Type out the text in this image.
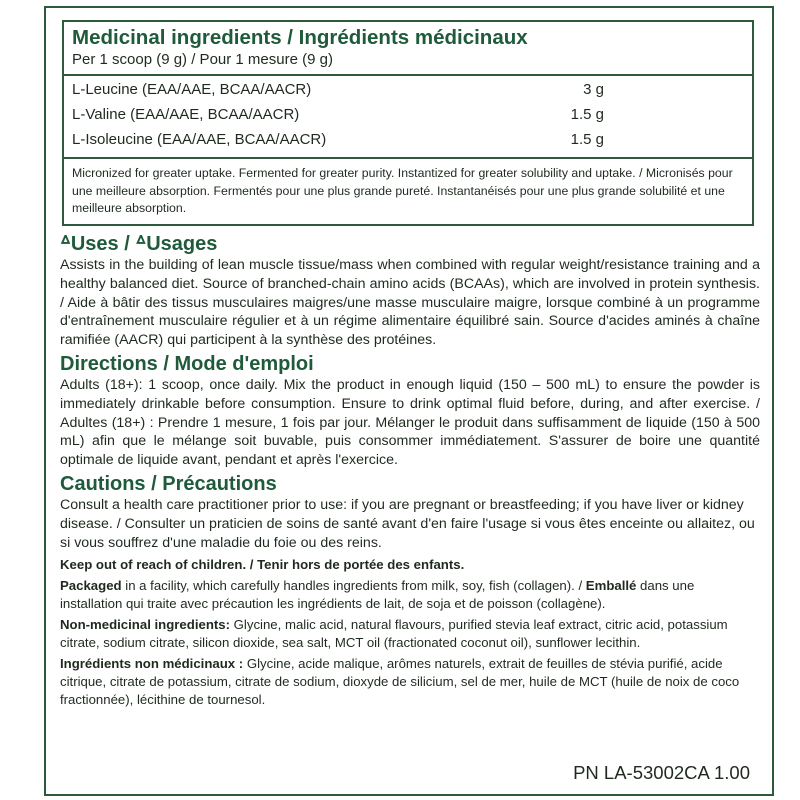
Medicinal ingredients / Ingrédients médicinaux
Per 1 scoop (9 g) / Pour 1 mesure (9 g)
L-Leucine (EAA/AAE, BCAA/AACR)	3 g
L-Valine (EAA/AAE, BCAA/AACR)	1.5 g
L-Isoleucine (EAA/AAE, BCAA/AACR)	1.5 g
Micronized for greater uptake. Fermented for greater purity. Instantized for greater solubility and uptake. / Micronisés pour une meilleure absorption. Fermentés pour une plus grande pureté. Instantanéisés pour une plus grande solubilité et une meilleure absorption.
ᐞUses / ᐞUsages

Assists in the building of lean muscle tissue/mass when combined with regular weight/resistance training and a healthy balanced diet. Source of branched-chain amino acids (BCAAs), which are involved in protein synthesis. / Aide à bâtir des tissus musculaires maigres/une masse musculaire maigre, lorsque combiné à un programme d'entraînement musculaire régulier et à un régime alimentaire équilibré sain. Source d'acides aminés à chaîne ramifiée (AACR) qui participent à la synthèse des protéines.

Directions / Mode d'emploi

Adults (18+): 1 scoop, once daily. Mix the product in enough liquid (150 – 500 mL) to ensure the powder is immediately drinkable before consumption. Ensure to drink optimal fluid before, during, and after exercise. / Adultes (18+) : Prendre 1 mesure, 1 fois par jour. Mélanger le produit dans suffisamment de liquide (150 à 500 mL) afin que le mélange soit buvable, puis consommer immédiatement. S'assurer de boire une quantité optimale de liquide avant, pendant et après l'exercice.

Cautions / Précautions

Consult a health care practitioner prior to use: if you are pregnant or breastfeeding; if you have liver or kidney disease. / Consulter un praticien de soins de santé avant d'en faire l'usage si vous êtes enceinte ou allaitez, ou si vous souffrez d'une maladie du foie ou des reins.

Keep out of reach of children. / Tenir hors de portée des enfants.

Packaged in a facility, which carefully handles ingredients from milk, soy, fish (collagen). / Emballé dans une installation qui traite avec précaution les ingrédients de lait, de soja et de poisson (collagène).

Non-medicinal ingredients: Glycine, malic acid, natural flavours, purified stevia leaf extract, citric acid, potassium citrate, sodium citrate, silicon dioxide, sea salt, MCT oil (fractionated coconut oil), sunflower lecithin.

Ingrédients non médicinaux : Glycine, acide malique, arômes naturels, extrait de feuilles de stévia purifié, acide citrique, citrate de potassium, citrate de sodium, dioxyde de silicium, sel de mer, huile de MCT (huile de noix de coco fractionnée), lécithine de tournesol.

PN LA-53002CA 1.00
